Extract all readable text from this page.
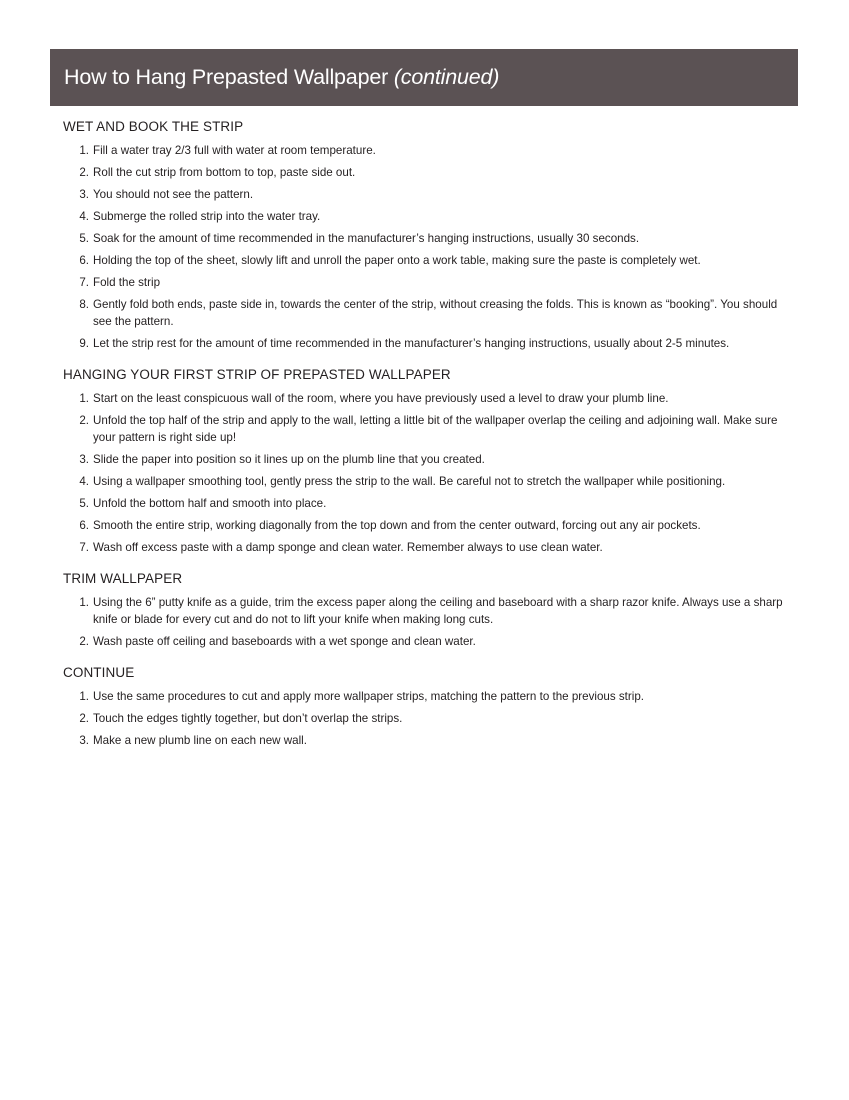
How to Hang Prepasted Wallpaper (continued)
WET AND BOOK THE STRIP
1. Fill a water tray 2/3 full with water at room temperature.
2. Roll the cut strip from bottom to top, paste side out.
3. You should not see the pattern.
4. Submerge the rolled strip into the water tray.
5. Soak for the amount of time recommended in the manufacturer’s hanging instructions, usually 30 seconds.
6. Holding the top of the sheet, slowly lift and unroll the paper onto a work table, making sure the paste is completely wet.
7. Fold the strip
8. Gently fold both ends, paste side in, towards the center of the strip, without creasing the folds. This is known as “booking”. You should see the pattern.
9. Let the strip rest for the amount of time recommended in the manufacturer’s hanging instructions, usually about 2-5 minutes.
HANGING YOUR FIRST STRIP OF PREPASTED WALLPAPER
1. Start on the least conspicuous wall of the room, where you have previously used a level to draw your plumb line.
2. Unfold the top half of the strip and apply to the wall, letting a little bit of the wallpaper overlap the ceiling and adjoining wall. Make sure your pattern is right side up!
3. Slide the paper into position so it lines up on the plumb line that you created.
4. Using a wallpaper smoothing tool, gently press the strip to the wall. Be careful not to stretch the wallpaper while positioning.
5. Unfold the bottom half and smooth into place.
6. Smooth the entire strip, working diagonally from the top down and from the center outward, forcing out any air pockets.
7. Wash off excess paste with a damp sponge and clean water. Remember always to use clean water.
TRIM WALLPAPER
1. Using the 6” putty knife as a guide, trim the excess paper along the ceiling and baseboard with a sharp razor knife. Always use a sharp knife or blade for every cut and do not to lift your knife when making long cuts.
2. Wash paste off ceiling and baseboards with a wet sponge and clean water.
CONTINUE
1. Use the same procedures to cut and apply more wallpaper strips, matching the pattern to the previous strip.
2. Touch the edges tightly together, but don’t overlap the strips.
3. Make a new plumb line on each new wall.
